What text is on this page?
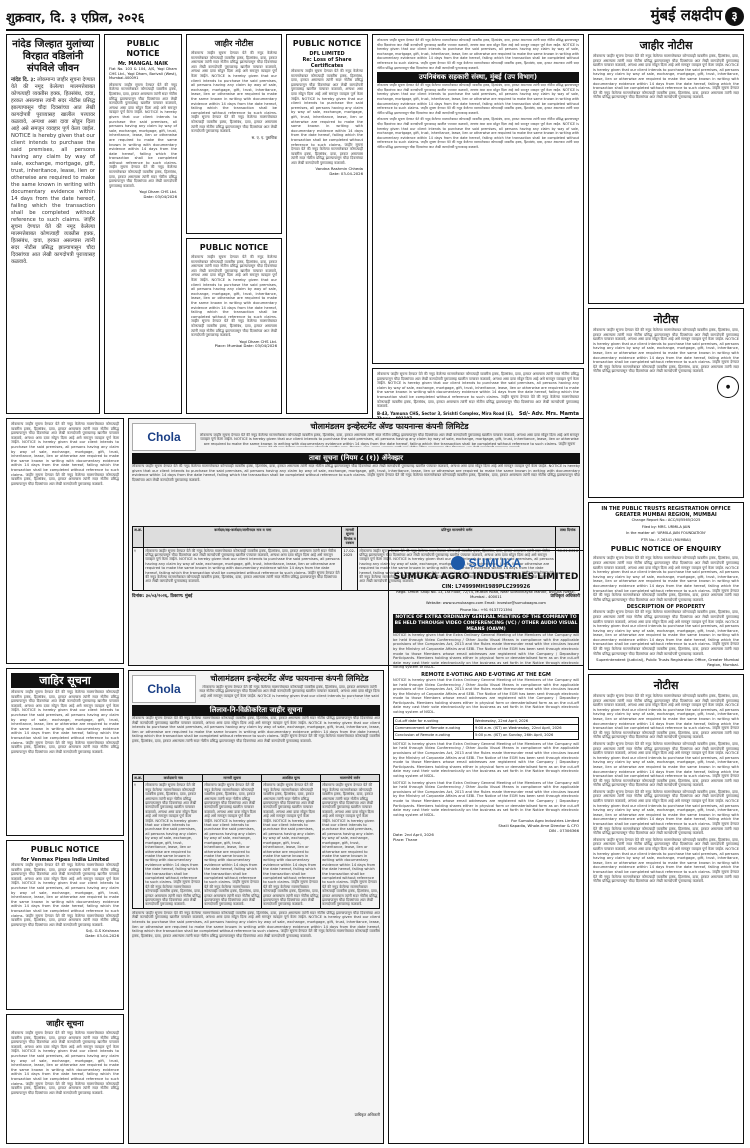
शुक्रवार, दि. ३ एप्रिल, २०२६	मुंबई लक्षदीप ३
नांदेड जिल्हात मुलांच्या विरहात वडिलांनी संपविले जीवन
नांदेड दि. ३: लोकमान्य जाहीर सूचना देण्यात येते की नमूद केलेल्या मालमत्तेबाबत कोणत्याही व्यक्तीस हक्क, हितसंबंध, दावा, हरकत असल्यास त्यांनी सदर नोटीस प्रसिद्ध झाल्यापासून चौदा दिवसांच्या आत लेखी कागदोपत्री पुराव्यासह खालील पत्त्यावर कळवावे, अन्यथा असा दावा सोडून दिला आहे असे समजून व्यवहार पूर्ण केला जाईल. NOTICE is hereby given that our client intends to purchase the said premises, all persons having any claim by way of sale, exchange, mortgage, gift, trust, inheritance, lease, lien or otherwise are required to make the same known in writing with documentary evidence within 14 days from the date hereof, failing which the transaction shall be completed without reference to such claims. जाहीर सूचना देण्यात येते की नमूद केलेल्या मालमत्तेबाबत कोणत्याही व्यक्तीस हक्क, हितसंबंध, दावा, हरकत असल्यास त्यांनी सदर नोटीस प्रसिद्ध झाल्यापासून चौदा दिवसांच्या आत लेखी कागदोपत्री पुराव्यासह कळवावे.
लोकमान्य जाहीर सूचना देण्यात येते की नमूद केलेल्या मालमत्तेबाबत कोणत्याही व्यक्तीस हक्क, हितसंबंध, दावा, हरकत असल्यास त्यांनी सदर नोटीस प्रसिद्ध झाल्यापासून चौदा दिवसांच्या आत लेखी कागदोपत्री पुराव्यासह खालील पत्त्यावर कळवावे, अन्यथा असा दावा सोडून दिला आहे असे समजून व्यवहार पूर्ण केला जाईल. NOTICE is hereby given that our client intends to purchase the said premises, all persons having any claim by way of sale, exchange, mortgage, gift, trust, inheritance, lease, lien or otherwise are required to make the same known in writing with documentary evidence within 14 days from the date hereof, failing which the transaction shall be completed without reference to such claims. जाहीर सूचना देण्यात येते की नमूद केलेल्या मालमत्तेबाबत कोणत्याही व्यक्तीस हक्क, हितसंबंध, दावा, हरकत असल्यास त्यांनी सदर नोटीस प्रसिद्ध झाल्यापासून चौदा दिवसांच्या आत लेखी कागदोपत्री पुराव्यासह कळवावे.
जाहिर सूचना
लोकमान्य जाहीर सूचना देण्यात येते की नमूद केलेल्या मालमत्तेबाबत कोणत्याही व्यक्तीस हक्क, हितसंबंध, दावा, हरकत असल्यास त्यांनी सदर नोटीस प्रसिद्ध झाल्यापासून चौदा दिवसांच्या आत लेखी कागदोपत्री पुराव्यासह खालील पत्त्यावर कळवावे, अन्यथा असा दावा सोडून दिला आहे असे समजून व्यवहार पूर्ण केला जाईल. NOTICE is hereby given that our client intends to purchase the said premises, all persons having any claim by way of sale, exchange, mortgage, gift, trust, inheritance, lease, lien or otherwise are required to make the same known in writing with documentary evidence within 14 days from the date hereof, failing which the transaction shall be completed without reference to such claims. जाहीर सूचना देण्यात येते की नमूद केलेल्या मालमत्तेबाबत कोणत्याही व्यक्तीस हक्क, हितसंबंध, दावा, हरकत असल्यास त्यांनी सदर नोटीस प्रसिद्ध झाल्यापासून चौदा दिवसांच्या आत लेखी कागदोपत्री पुराव्यासह कळवावे.
PUBLIC NOTICE
for Venmax Pipes India Limited
लोकमान्य जाहीर सूचना देण्यात येते की नमूद केलेल्या मालमत्तेबाबत कोणत्याही व्यक्तीस हक्क, हितसंबंध, दावा, हरकत असल्यास त्यांनी सदर नोटीस प्रसिद्ध झाल्यापासून चौदा दिवसांच्या आत लेखी कागदोपत्री पुराव्यासह खालील पत्त्यावर कळवावे, अन्यथा असा दावा सोडून दिला आहे असे समजून व्यवहार पूर्ण केला जाईल. NOTICE is hereby given that our client intends to purchase the said premises, all persons having any claim by way of sale, exchange, mortgage, gift, trust, inheritance, lease, lien or otherwise are required to make the same known in writing with documentary evidence within 14 days from the date hereof, failing which the transaction shall be completed without reference to such claims. जाहीर सूचना देण्यात येते की नमूद केलेल्या मालमत्तेबाबत कोणत्याही व्यक्तीस हक्क, हितसंबंध, दावा, हरकत असल्यास त्यांनी सदर नोटीस प्रसिद्ध झाल्यापासून चौदा दिवसांच्या आत लेखी कागदोपत्री पुराव्यासह कळवावे.
Sd/- G.S Krishnan
Date: 03-04-2026
जाहीर सूचना
लोकमान्य जाहीर सूचना देण्यात येते की नमूद केलेल्या मालमत्तेबाबत कोणत्याही व्यक्तीस हक्क, हितसंबंध, दावा, हरकत असल्यास त्यांनी सदर नोटीस प्रसिद्ध झाल्यापासून चौदा दिवसांच्या आत लेखी कागदोपत्री पुराव्यासह खालील पत्त्यावर कळवावे, अन्यथा असा दावा सोडून दिला आहे असे समजून व्यवहार पूर्ण केला जाईल. NOTICE is hereby given that our client intends to purchase the said premises, all persons having any claim by way of sale, exchange, mortgage, gift, trust, inheritance, lease, lien or otherwise are required to make the same known in writing with documentary evidence within 14 days from the date hereof, failing which the transaction shall be completed without reference to such claims. जाहीर सूचना देण्यात येते की नमूद केलेल्या मालमत्तेबाबत कोणत्याही व्यक्तीस हक्क, हितसंबंध, दावा, हरकत असल्यास त्यांनी सदर नोटीस प्रसिद्ध झाल्यापासून चौदा दिवसांच्या आत लेखी कागदोपत्री पुराव्यासह कळवावे.
PUBLIC NOTICE
Mr. MANGAL NAIK
Flat No. 103 & 104, A/S, Yogi Dham CHS Ltd., Yogi Dham, Borivali (West), Mumbai-400091
लोकमान्य जाहीर सूचना देण्यात येते की नमूद केलेल्या मालमत्तेबाबत कोणत्याही व्यक्तीस हक्क, हितसंबंध, दावा, हरकत असल्यास त्यांनी सदर नोटीस प्रसिद्ध झाल्यापासून चौदा दिवसांच्या आत लेखी कागदोपत्री पुराव्यासह खालील पत्त्यावर कळवावे, अन्यथा असा दावा सोडून दिला आहे असे समजून व्यवहार पूर्ण केला जाईल. NOTICE is hereby given that our client intends to purchase the said premises, all persons having any claim by way of sale, exchange, mortgage, gift, trust, inheritance, lease, lien or otherwise are required to make the same known in writing with documentary evidence within 14 days from the date hereof, failing which the transaction shall be completed without reference to such claims. जाहीर सूचना देण्यात येते की नमूद केलेल्या मालमत्तेबाबत कोणत्याही व्यक्तीस हक्क, हितसंबंध, दावा, हरकत असल्यास त्यांनी सदर नोटीस प्रसिद्ध झाल्यापासून चौदा दिवसांच्या आत लेखी कागदोपत्री पुराव्यासह कळवावे.
Yogi Dham CHS Ltd.
Date: 03/04/2026
जाहीर नोटीस
लोकमान्य जाहीर सूचना देण्यात येते की नमूद केलेल्या मालमत्तेबाबत कोणत्याही व्यक्तीस हक्क, हितसंबंध, दावा, हरकत असल्यास त्यांनी सदर नोटीस प्रसिद्ध झाल्यापासून चौदा दिवसांच्या आत लेखी कागदोपत्री पुराव्यासह खालील पत्त्यावर कळवावे, अन्यथा असा दावा सोडून दिला आहे असे समजून व्यवहार पूर्ण केला जाईल. NOTICE is hereby given that our client intends to purchase the said premises, all persons having any claim by way of sale, exchange, mortgage, gift, trust, inheritance, lease, lien or otherwise are required to make the same known in writing with documentary evidence within 14 days from the date hereof, failing which the transaction shall be completed without reference to such claims. जाहीर सूचना देण्यात येते की नमूद केलेल्या मालमत्तेबाबत कोणत्याही व्यक्तीस हक्क, हितसंबंध, दावा, हरकत असल्यास त्यांनी सदर नोटीस प्रसिद्ध झाल्यापासून चौदा दिवसांच्या आत लेखी कागदोपत्री पुराव्यासह कळवावे.
स. ए. ए. पुराणिक
PUBLIC NOTICE
लोकमान्य जाहीर सूचना देण्यात येते की नमूद केलेल्या मालमत्तेबाबत कोणत्याही व्यक्तीस हक्क, हितसंबंध, दावा, हरकत असल्यास त्यांनी सदर नोटीस प्रसिद्ध झाल्यापासून चौदा दिवसांच्या आत लेखी कागदोपत्री पुराव्यासह खालील पत्त्यावर कळवावे, अन्यथा असा दावा सोडून दिला आहे असे समजून व्यवहार पूर्ण केला जाईल. NOTICE is hereby given that our client intends to purchase the said premises, all persons having any claim by way of sale, exchange, mortgage, gift, trust, inheritance, lease, lien or otherwise are required to make the same known in writing with documentary evidence within 14 days from the date hereof, failing which the transaction shall be completed without reference to such claims. जाहीर सूचना देण्यात येते की नमूद केलेल्या मालमत्तेबाबत कोणत्याही व्यक्तीस हक्क, हितसंबंध, दावा, हरकत असल्यास त्यांनी सदर नोटीस प्रसिद्ध झाल्यापासून चौदा दिवसांच्या आत लेखी कागदोपत्री पुराव्यासह कळवावे.
Yogi Dham CHS Ltd.
Place: Mumbai Date: 03/04/2026
PUBLIC NOTICE
DFL LIMITED
Re: Loss of Share Certificates
लोकमान्य जाहीर सूचना देण्यात येते की नमूद केलेल्या मालमत्तेबाबत कोणत्याही व्यक्तीस हक्क, हितसंबंध, दावा, हरकत असल्यास त्यांनी सदर नोटीस प्रसिद्ध झाल्यापासून चौदा दिवसांच्या आत लेखी कागदोपत्री पुराव्यासह खालील पत्त्यावर कळवावे, अन्यथा असा दावा सोडून दिला आहे असे समजून व्यवहार पूर्ण केला जाईल. NOTICE is hereby given that our client intends to purchase the said premises, all persons having any claim by way of sale, exchange, mortgage, gift, trust, inheritance, lease, lien or otherwise are required to make the same known in writing with documentary evidence within 14 days from the date hereof, failing which the transaction shall be completed without reference to such claims. जाहीर सूचना देण्यात येते की नमूद केलेल्या मालमत्तेबाबत कोणत्याही व्यक्तीस हक्क, हितसंबंध, दावा, हरकत असल्यास त्यांनी सदर नोटीस प्रसिद्ध झाल्यापासून चौदा दिवसांच्या आत लेखी कागदोपत्री पुराव्यासह कळवावे.
Vandna Rashmin Chheda
Date: 03-04-2026
लोकमान्य जाहीर सूचना देण्यात येते की नमूद केलेल्या मालमत्तेबाबत कोणत्याही व्यक्तीस हक्क, हितसंबंध, दावा, हरकत असल्यास त्यांनी सदर नोटीस प्रसिद्ध झाल्यापासून चौदा दिवसांच्या आत लेखी कागदोपत्री पुराव्यासह खालील पत्त्यावर कळवावे, अन्यथा असा दावा सोडून दिला आहे असे समजून व्यवहार पूर्ण केला जाईल. NOTICE is hereby given that our client intends to purchase the said premises, all persons having any claim by way of sale, exchange, mortgage, gift, trust, inheritance, lease, lien or otherwise are required to make the same known in writing with documentary evidence within 14 days from the date hereof, failing which the transaction shall be completed without reference to such claims. जाहीर सूचना देण्यात येते की नमूद केलेल्या मालमत्तेबाबत कोणत्याही व्यक्तीस हक्क, हितसंबंध, दावा, हरकत असल्यास त्यांनी सदर नोटीस प्रसिद्ध झाल्यापासून चौदा दिवसांच्या आत लेखी कागदोपत्री पुराव्यासह कळवावे.
उपनिबंधक सहकारी संस्था, मुंबई (उप विभाग)
लोकमान्य जाहीर सूचना देण्यात येते की नमूद केलेल्या मालमत्तेबाबत कोणत्याही व्यक्तीस हक्क, हितसंबंध, दावा, हरकत असल्यास त्यांनी सदर नोटीस प्रसिद्ध झाल्यापासून चौदा दिवसांच्या आत लेखी कागदोपत्री पुराव्यासह खालील पत्त्यावर कळवावे, अन्यथा असा दावा सोडून दिला आहे असे समजून व्यवहार पूर्ण केला जाईल. NOTICE is hereby given that our client intends to purchase the said premises, all persons having any claim by way of sale, exchange, mortgage, gift, trust, inheritance, lease, lien or otherwise are required to make the same known in writing with documentary evidence within 14 days from the date hereof, failing which the transaction shall be completed without reference to such claims. जाहीर सूचना देण्यात येते की नमूद केलेल्या मालमत्तेबाबत कोणत्याही व्यक्तीस हक्क, हितसंबंध, दावा, हरकत असल्यास त्यांनी सदर नोटीस प्रसिद्ध झाल्यापासून चौदा दिवसांच्या आत लेखी कागदोपत्री पुराव्यासह कळवावे.
लोकमान्य जाहीर सूचना देण्यात येते की नमूद केलेल्या मालमत्तेबाबत कोणत्याही व्यक्तीस हक्क, हितसंबंध, दावा, हरकत असल्यास त्यांनी सदर नोटीस प्रसिद्ध झाल्यापासून चौदा दिवसांच्या आत लेखी कागदोपत्री पुराव्यासह खालील पत्त्यावर कळवावे, अन्यथा असा दावा सोडून दिला आहे असे समजून व्यवहार पूर्ण केला जाईल. NOTICE is hereby given that our client intends to purchase the said premises, all persons having any claim by way of sale, exchange, mortgage, gift, trust, inheritance, lease, lien or otherwise are required to make the same known in writing with documentary evidence within 14 days from the date hereof, failing which the transaction shall be completed without reference to such claims. जाहीर सूचना देण्यात येते की नमूद केलेल्या मालमत्तेबाबत कोणत्याही व्यक्तीस हक्क, हितसंबंध, दावा, हरकत असल्यास त्यांनी सदर नोटीस प्रसिद्ध झाल्यापासून चौदा दिवसांच्या आत लेखी कागदोपत्री पुराव्यासह कळवावे.
लोकमान्य जाहीर सूचना देण्यात येते की नमूद केलेल्या मालमत्तेबाबत कोणत्याही व्यक्तीस हक्क, हितसंबंध, दावा, हरकत असल्यास त्यांनी सदर नोटीस प्रसिद्ध झाल्यापासून चौदा दिवसांच्या आत लेखी कागदोपत्री पुराव्यासह खालील पत्त्यावर कळवावे, अन्यथा असा दावा सोडून दिला आहे असे समजून व्यवहार पूर्ण केला जाईल. NOTICE is hereby given that our client intends to purchase the said premises, all persons having any claim by way of sale, exchange, mortgage, gift, trust, inheritance, lease, lien or otherwise are required to make the same known in writing with documentary evidence within 14 days from the date hereof, failing which the transaction shall be completed without reference to such claims. जाहीर सूचना देण्यात येते की नमूद केलेल्या मालमत्तेबाबत कोणत्याही व्यक्तीस हक्क, हितसंबंध, दावा, हरकत असल्यास त्यांनी सदर नोटीस प्रसिद्ध झाल्यापासून चौदा दिवसांच्या आत लेखी कागदोपत्री पुराव्यासह कळवावे.
B-43, Yamuna CHS, Sector 3, Srishti Complex, Mira Road (E),	Sd/- Adv. Mrs. Mamta
लोकमान्य जाहीर सूचना देण्यात येते की नमूद केलेल्या मालमत्तेबाबत कोणत्याही व्यक्तीस हक्क, हितसंबंध, दावा, हरकत असल्यास त्यांनी सदर नोटीस प्रसिद्ध झाल्यापासून चौदा दिवसांच्या आत लेखी कागदोपत्री पुराव्यासह खालील पत्त्यावर कळवावे, अन्यथा असा दावा सोडून दिला आहे असे समजून व्यवहार पूर्ण केला जाईल. NOTICE is hereby given that our client intends to purchase the said premises, all persons having any claim by way of sale, exchange, mortgage, gift, trust, inheritance, lease, lien or otherwise are required to make the same known in writing with documentary evidence within 14 days from the date hereof, failing which the transaction shall be completed without reference to such claims. जाहीर सूचना देण्यात येते की नमूद केलेल्या मालमत्तेबाबत कोणत्याही व्यक्तीस हक्क, हितसंबंध, दावा, हरकत असल्यास त्यांनी सदर नोटीस प्रसिद्ध झाल्यापासून चौदा दिवसांच्या आत लेखी कागदोपत्री पुराव्यासह कळवावे.
जाहीर नोटीस
लोकमान्य जाहीर सूचना देण्यात येते की नमूद केलेल्या मालमत्तेबाबत कोणत्याही व्यक्तीस हक्क, हितसंबंध, दावा, हरकत असल्यास त्यांनी सदर नोटीस प्रसिद्ध झाल्यापासून चौदा दिवसांच्या आत लेखी कागदोपत्री पुराव्यासह खालील पत्त्यावर कळवावे, अन्यथा असा दावा सोडून दिला आहे असे समजून व्यवहार पूर्ण केला जाईल. NOTICE is hereby given that our client intends to purchase the said premises, all persons having any claim by way of sale, exchange, mortgage, gift, trust, inheritance, lease, lien or otherwise are required to make the same known in writing with documentary evidence within 14 days from the date hereof, failing which the transaction shall be completed without reference to such claims. जाहीर सूचना देण्यात येते की नमूद केलेल्या मालमत्तेबाबत कोणत्याही व्यक्तीस हक्क, हितसंबंध, दावा, हरकत असल्यास त्यांनी सदर नोटीस प्रसिद्ध झाल्यापासून चौदा दिवसांच्या आत लेखी कागदोपत्री पुराव्यासह कळवावे.
नोटीस
लोकमान्य जाहीर सूचना देण्यात येते की नमूद केलेल्या मालमत्तेबाबत कोणत्याही व्यक्तीस हक्क, हितसंबंध, दावा, हरकत असल्यास त्यांनी सदर नोटीस प्रसिद्ध झाल्यापासून चौदा दिवसांच्या आत लेखी कागदोपत्री पुराव्यासह खालील पत्त्यावर कळवावे, अन्यथा असा दावा सोडून दिला आहे असे समजून व्यवहार पूर्ण केला जाईल. NOTICE is hereby given that our client intends to purchase the said premises, all persons having any claim by way of sale, exchange, mortgage, gift, trust, inheritance, lease, lien or otherwise are required to make the same known in writing with documentary evidence within 14 days from the date hereof, failing which the transaction shall be completed without reference to such claims. जाहीर सूचना देण्यात येते की नमूद केलेल्या मालमत्तेबाबत कोणत्याही व्यक्तीस हक्क, हितसंबंध, दावा, हरकत असल्यास त्यांनी सदर नोटीस प्रसिद्ध झाल्यापासून चौदा दिवसांच्या आत लेखी कागदोपत्री पुराव्यासह कळवावे.
●
IN THE PUBLIC TRUSTS REGISTRATION OFFICE
GREATER MUMBAI REGION, MUMBAI
Change Report No.: ACC/III/5565/2025
Filed by: MRS. URMILA JAIN
In the matter of: 'URMILA JAIN FOUNDATION'
PTR No.: F-26341 (MUMBAI)
PUBLIC NOTICE OF ENQUIRY
लोकमान्य जाहीर सूचना देण्यात येते की नमूद केलेल्या मालमत्तेबाबत कोणत्याही व्यक्तीस हक्क, हितसंबंध, दावा, हरकत असल्यास त्यांनी सदर नोटीस प्रसिद्ध झाल्यापासून चौदा दिवसांच्या आत लेखी कागदोपत्री पुराव्यासह खालील पत्त्यावर कळवावे, अन्यथा असा दावा सोडून दिला आहे असे समजून व्यवहार पूर्ण केला जाईल. NOTICE is hereby given that our client intends to purchase the said premises, all persons having any claim by way of sale, exchange, mortgage, gift, trust, inheritance, lease, lien or otherwise are required to make the same known in writing with documentary evidence within 14 days from the date hereof, failing which the transaction shall be completed without reference to such claims. जाहीर सूचना देण्यात येते की नमूद केलेल्या मालमत्तेबाबत कोणत्याही व्यक्तीस हक्क, हितसंबंध, दावा, हरकत असल्यास त्यांनी सदर नोटीस प्रसिद्ध झाल्यापासून चौदा दिवसांच्या आत लेखी कागदोपत्री पुराव्यासह कळवावे.
DESCRIPTION OF PROPERTY
लोकमान्य जाहीर सूचना देण्यात येते की नमूद केलेल्या मालमत्तेबाबत कोणत्याही व्यक्तीस हक्क, हितसंबंध, दावा, हरकत असल्यास त्यांनी सदर नोटीस प्रसिद्ध झाल्यापासून चौदा दिवसांच्या आत लेखी कागदोपत्री पुराव्यासह खालील पत्त्यावर कळवावे, अन्यथा असा दावा सोडून दिला आहे असे समजून व्यवहार पूर्ण केला जाईल. NOTICE is hereby given that our client intends to purchase the said premises, all persons having any claim by way of sale, exchange, mortgage, gift, trust, inheritance, lease, lien or otherwise are required to make the same known in writing with documentary evidence within 14 days from the date hereof, failing which the transaction shall be completed without reference to such claims. जाहीर सूचना देण्यात येते की नमूद केलेल्या मालमत्तेबाबत कोणत्याही व्यक्तीस हक्क, हितसंबंध, दावा, हरकत असल्यास त्यांनी सदर नोटीस प्रसिद्ध झाल्यापासून चौदा दिवसांच्या आत लेखी कागदोपत्री पुराव्यासह कळवावे.
Superintendent (Judicial), Public Trusts Registration Office, Greater Mumbai Region, Mumbai.
नोटीस
लोकमान्य जाहीर सूचना देण्यात येते की नमूद केलेल्या मालमत्तेबाबत कोणत्याही व्यक्तीस हक्क, हितसंबंध, दावा, हरकत असल्यास त्यांनी सदर नोटीस प्रसिद्ध झाल्यापासून चौदा दिवसांच्या आत लेखी कागदोपत्री पुराव्यासह खालील पत्त्यावर कळवावे, अन्यथा असा दावा सोडून दिला आहे असे समजून व्यवहार पूर्ण केला जाईल. NOTICE is hereby given that our client intends to purchase the said premises, all persons having any claim by way of sale, exchange, mortgage, gift, trust, inheritance, lease, lien or otherwise are required to make the same known in writing with documentary evidence within 14 days from the date hereof, failing which the transaction shall be completed without reference to such claims. जाहीर सूचना देण्यात येते की नमूद केलेल्या मालमत्तेबाबत कोणत्याही व्यक्तीस हक्क, हितसंबंध, दावा, हरकत असल्यास त्यांनी सदर नोटीस प्रसिद्ध झाल्यापासून चौदा दिवसांच्या आत लेखी कागदोपत्री पुराव्यासह कळवावे.
लोकमान्य जाहीर सूचना देण्यात येते की नमूद केलेल्या मालमत्तेबाबत कोणत्याही व्यक्तीस हक्क, हितसंबंध, दावा, हरकत असल्यास त्यांनी सदर नोटीस प्रसिद्ध झाल्यापासून चौदा दिवसांच्या आत लेखी कागदोपत्री पुराव्यासह खालील पत्त्यावर कळवावे, अन्यथा असा दावा सोडून दिला आहे असे समजून व्यवहार पूर्ण केला जाईल. NOTICE is hereby given that our client intends to purchase the said premises, all persons having any claim by way of sale, exchange, mortgage, gift, trust, inheritance, lease, lien or otherwise are required to make the same known in writing with documentary evidence within 14 days from the date hereof, failing which the transaction shall be completed without reference to such claims. जाहीर सूचना देण्यात येते की नमूद केलेल्या मालमत्तेबाबत कोणत्याही व्यक्तीस हक्क, हितसंबंध, दावा, हरकत असल्यास त्यांनी सदर नोटीस प्रसिद्ध झाल्यापासून चौदा दिवसांच्या आत लेखी कागदोपत्री पुराव्यासह कळवावे.
लोकमान्य जाहीर सूचना देण्यात येते की नमूद केलेल्या मालमत्तेबाबत कोणत्याही व्यक्तीस हक्क, हितसंबंध, दावा, हरकत असल्यास त्यांनी सदर नोटीस प्रसिद्ध झाल्यापासून चौदा दिवसांच्या आत लेखी कागदोपत्री पुराव्यासह खालील पत्त्यावर कळवावे, अन्यथा असा दावा सोडून दिला आहे असे समजून व्यवहार पूर्ण केला जाईल. NOTICE is hereby given that our client intends to purchase the said premises, all persons having any claim by way of sale, exchange, mortgage, gift, trust, inheritance, lease, lien or otherwise are required to make the same known in writing with documentary evidence within 14 days from the date hereof, failing which the transaction shall be completed without reference to such claims. जाहीर सूचना देण्यात येते की नमूद केलेल्या मालमत्तेबाबत कोणत्याही व्यक्तीस हक्क, हितसंबंध, दावा, हरकत असल्यास त्यांनी सदर नोटीस प्रसिद्ध झाल्यापासून चौदा दिवसांच्या आत लेखी कागदोपत्री पुराव्यासह कळवावे.
लोकमान्य जाहीर सूचना देण्यात येते की नमूद केलेल्या मालमत्तेबाबत कोणत्याही व्यक्तीस हक्क, हितसंबंध, दावा, हरकत असल्यास त्यांनी सदर नोटीस प्रसिद्ध झाल्यापासून चौदा दिवसांच्या आत लेखी कागदोपत्री पुराव्यासह खालील पत्त्यावर कळवावे, अन्यथा असा दावा सोडून दिला आहे असे समजून व्यवहार पूर्ण केला जाईल. NOTICE is hereby given that our client intends to purchase the said premises, all persons having any claim by way of sale, exchange, mortgage, gift, trust, inheritance, lease, lien or otherwise are required to make the same known in writing with documentary evidence within 14 days from the date hereof, failing which the transaction shall be completed without reference to such claims. जाहीर सूचना देण्यात येते की नमूद केलेल्या मालमत्तेबाबत कोणत्याही व्यक्तीस हक्क, हितसंबंध, दावा, हरकत असल्यास त्यांनी सदर नोटीस प्रसिद्ध झाल्यापासून चौदा दिवसांच्या आत लेखी कागदोपत्री पुराव्यासह कळवावे.
Chola
चोलामंडलम इन्व्हेस्टमेंट ॲण्ड फायनान्स कंपनी लिमिटेड
लोकमान्य जाहीर सूचना देण्यात येते की नमूद केलेल्या मालमत्तेबाबत कोणत्याही व्यक्तीस हक्क, हितसंबंध, दावा, हरकत असल्यास त्यांनी सदर नोटीस प्रसिद्ध झाल्यापासून चौदा दिवसांच्या आत लेखी कागदोपत्री पुराव्यासह खालील पत्त्यावर कळवावे, अन्यथा असा दावा सोडून दिला आहे असे समजून व्यवहार पूर्ण केला जाईल. NOTICE is hereby given that our client intends to purchase the said premises, all persons having any claim by way of sale, exchange, mortgage, gift, trust, inheritance, lease, lien or otherwise are required to make the same known in writing with documentary evidence within 14 days from the date hereof, failing which the transaction shall be completed without reference to such claims. जाहीर सूचना देण्यात येते की नमूद केलेल्या मालमत्तेबाबत कोणत्याही व्यक्तीस हक्क, हितसंबंध, दावा, हरकत असल्यास त्यांनी सदर नोटीस प्रसिद्ध झाल्यापासून चौदा दिवसांच्या आत लेखी कागदोपत्री पुराव्यासह कळवावे.
ताबा सूचना (नियम ८ (१)) ॲनेक्झर
लोकमान्य जाहीर सूचना देण्यात येते की नमूद केलेल्या मालमत्तेबाबत कोणत्याही व्यक्तीस हक्क, हितसंबंध, दावा, हरकत असल्यास त्यांनी सदर नोटीस प्रसिद्ध झाल्यापासून चौदा दिवसांच्या आत लेखी कागदोपत्री पुराव्यासह खालील पत्त्यावर कळवावे, अन्यथा असा दावा सोडून दिला आहे असे समजून व्यवहार पूर्ण केला जाईल. NOTICE is hereby given that our client intends to purchase the said premises, all persons having any claim by way of sale, exchange, mortgage, gift, trust, inheritance, lease, lien or otherwise are required to make the same known in writing with documentary evidence within 14 days from the date hereof, failing which the transaction shall be completed without reference to such claims. जाहीर सूचना देण्यात येते की नमूद केलेल्या मालमत्तेबाबत कोणत्याही व्यक्तीस हक्क, हितसंबंध, दावा, हरकत असल्यास त्यांनी सदर नोटीस प्रसिद्ध झाल्यापासून चौदा दिवसांच्या आत लेखी कागदोपत्री पुराव्यासह कळवावे.
अ.क्र.	कर्जदार/सह-कर्जदार/जामीनदार नाव व पत्ता	मागणी सूचना दिनांक व रक्कम	प्रतिभूत मालमत्तेचे वर्णन	ताबा दिनांक
१	लोकमान्य जाहीर सूचना देण्यात येते की नमूद केलेल्या मालमत्तेबाबत कोणत्याही व्यक्तीस हक्क, हितसंबंध, दावा, हरकत असल्यास त्यांनी सदर नोटीस प्रसिद्ध झाल्यापासून चौदा दिवसांच्या आत लेखी कागदोपत्री पुराव्यासह खालील पत्त्यावर कळवावे, अन्यथा असा दावा सोडून दिला आहे असे समजून व्यवहार पूर्ण केला जाईल. NOTICE is hereby given that our client intends to purchase the said premises, all persons having any claim by way of sale, exchange, mortgage, gift, trust, inheritance, lease, lien or otherwise are required to make the same known in writing with documentary evidence within 14 days from the date hereof, failing which the transaction shall be completed without reference to such claims. जाहीर सूचना देण्यात येते की नमूद केलेल्या मालमत्तेबाबत कोणत्याही व्यक्तीस हक्क, हितसंबंध, दावा, हरकत असल्यास त्यांनी सदर नोटीस प्रसिद्ध झाल्यापासून चौदा दिवसांच्या आत लेखी कागदोपत्री पुराव्यासह कळवावे.	17-02-2025	लोकमान्य जाहीर सूचना देण्यात येते की नमूद केलेल्या मालमत्तेबाबत कोणत्याही व्यक्तीस हक्क, हितसंबंध, दावा, हरकत असल्यास त्यांनी सदर नोटीस प्रसिद्ध झाल्यापासून चौदा दिवसांच्या आत लेखी कागदोपत्री पुराव्यासह खालील पत्त्यावर कळवावे, अन्यथा असा दावा सोडून दिला आहे असे समजून व्यवहार पूर्ण केला जाईल. NOTICE is hereby given that our client intends to purchase the said premises, all persons having any claim by way of sale, exchange, mortgage, gift, trust, inheritance, lease, lien or otherwise are required to make the same known in writing with documentary evidence within 14 days from the date hereof, failing which the transaction shall be completed without reference to such claims. जाहीर सूचना देण्यात येते की नमूद केलेल्या मालमत्तेबाबत कोणत्याही व्यक्तीस हक्क, हितसंबंध, दावा, हरकत असल्यास त्यांनी सदर नोटीस प्रसिद्ध झाल्यापासून चौदा दिवसांच्या आत लेखी कागदोपत्री पुराव्यासह कळवावे.	30.01.2026
दिनांक: ३०/०३/२०२६, ठिकाण: मुंबई	प्राधिकृत अधिकारी
Chola
चोलामंडलम इन्व्हेस्टमेंट ॲण्ड फायनान्स कंपनी लिमिटेड
लोकमान्य जाहीर सूचना देण्यात येते की नमूद केलेल्या मालमत्तेबाबत कोणत्याही व्यक्तीस हक्क, हितसंबंध, दावा, हरकत असल्यास त्यांनी सदर नोटीस प्रसिद्ध झाल्यापासून चौदा दिवसांच्या आत लेखी कागदोपत्री पुराव्यासह खालील पत्त्यावर कळवावे, अन्यथा असा दावा सोडून दिला आहे असे समजून व्यवहार पूर्ण केला जाईल. NOTICE is hereby given that our client intends to purchase the said premises, all persons having any claim by way of sale, exchange, mortgage, gift, trust, inheritance, lease, lien or otherwise are required to make the same known in writing with documentary evidence within 14 days from the date hereof, failing which the transaction shall be completed without reference to such claims. जाहीर सूचना देण्यात येते की नमूद केलेल्या मालमत्तेबाबत कोणत्याही व्यक्तीस हक्क, हितसंबंध, दावा, हरकत असल्यास त्यांनी सदर नोटीस प्रसिद्ध झाल्यापासून चौदा दिवसांच्या आत लेखी कागदोपत्री पुराव्यासह कळवावे.
लिलाव-नि-विक्रीकरिता जाहीर सूचना
लोकमान्य जाहीर सूचना देण्यात येते की नमूद केलेल्या मालमत्तेबाबत कोणत्याही व्यक्तीस हक्क, हितसंबंध, दावा, हरकत असल्यास त्यांनी सदर नोटीस प्रसिद्ध झाल्यापासून चौदा दिवसांच्या आत लेखी कागदोपत्री पुराव्यासह खालील पत्त्यावर कळवावे, अन्यथा असा दावा सोडून दिला आहे असे समजून व्यवहार पूर्ण केला जाईल. NOTICE is hereby given that our client intends to purchase the said premises, all persons having any claim by way of sale, exchange, mortgage, gift, trust, inheritance, lease, lien or otherwise are required to make the same known in writing with documentary evidence within 14 days from the date hereof, failing which the transaction shall be completed without reference to such claims. जाहीर सूचना देण्यात येते की नमूद केलेल्या मालमत्तेबाबत कोणत्याही व्यक्तीस हक्क, हितसंबंध, दावा, हरकत असल्यास त्यांनी सदर नोटीस प्रसिद्ध झाल्यापासून चौदा दिवसांच्या आत लेखी कागदोपत्री पुराव्यासह कळवावे.
अ.क्र.	कर्जदाराचे नाव	मागणी सूचना	आरक्षित मूल्य	मालमत्तेचे वर्णन
१	लोकमान्य जाहीर सूचना देण्यात येते की नमूद केलेल्या मालमत्तेबाबत कोणत्याही व्यक्तीस हक्क, हितसंबंध, दावा, हरकत असल्यास त्यांनी सदर नोटीस प्रसिद्ध झाल्यापासून चौदा दिवसांच्या आत लेखी कागदोपत्री पुराव्यासह खालील पत्त्यावर कळवावे, अन्यथा असा दावा सोडून दिला आहे असे समजून व्यवहार पूर्ण केला जाईल. NOTICE is hereby given that our client intends to purchase the said premises, all persons having any claim by way of sale, exchange, mortgage, gift, trust, inheritance, lease, lien or otherwise are required to make the same known in writing with documentary evidence within 14 days from the date hereof, failing which the transaction shall be completed without reference to such claims. जाहीर सूचना देण्यात येते की नमूद केलेल्या मालमत्तेबाबत कोणत्याही व्यक्तीस हक्क, हितसंबंध, दावा, हरकत असल्यास त्यांनी सदर नोटीस प्रसिद्ध झाल्यापासून चौदा दिवसांच्या आत लेखी कागदोपत्री पुराव्यासह कळवावे.	लोकमान्य जाहीर सूचना देण्यात येते की नमूद केलेल्या मालमत्तेबाबत कोणत्याही व्यक्तीस हक्क, हितसंबंध, दावा, हरकत असल्यास त्यांनी सदर नोटीस प्रसिद्ध झाल्यापासून चौदा दिवसांच्या आत लेखी कागदोपत्री पुराव्यासह खालील पत्त्यावर कळवावे, अन्यथा असा दावा सोडून दिला आहे असे समजून व्यवहार पूर्ण केला जाईल. NOTICE is hereby given that our client intends to purchase the said premises, all persons having any claim by way of sale, exchange, mortgage, gift, trust, inheritance, lease, lien or otherwise are required to make the same known in writing with documentary evidence within 14 days from the date hereof, failing which the transaction shall be completed without reference to such claims. जाहीर सूचना देण्यात येते की नमूद केलेल्या मालमत्तेबाबत कोणत्याही व्यक्तीस हक्क, हितसंबंध, दावा, हरकत असल्यास त्यांनी सदर नोटीस प्रसिद्ध झाल्यापासून चौदा दिवसांच्या आत लेखी कागदोपत्री पुराव्यासह कळवावे.	लोकमान्य जाहीर सूचना देण्यात येते की नमूद केलेल्या मालमत्तेबाबत कोणत्याही व्यक्तीस हक्क, हितसंबंध, दावा, हरकत असल्यास त्यांनी सदर नोटीस प्रसिद्ध झाल्यापासून चौदा दिवसांच्या आत लेखी कागदोपत्री पुराव्यासह खालील पत्त्यावर कळवावे, अन्यथा असा दावा सोडून दिला आहे असे समजून व्यवहार पूर्ण केला जाईल. NOTICE is hereby given that our client intends to purchase the said premises, all persons having any claim by way of sale, exchange, mortgage, gift, trust, inheritance, lease, lien or otherwise are required to make the same known in writing with documentary evidence within 14 days from the date hereof, failing which the transaction shall be completed without reference to such claims. जाहीर सूचना देण्यात येते की नमूद केलेल्या मालमत्तेबाबत कोणत्याही व्यक्तीस हक्क, हितसंबंध, दावा, हरकत असल्यास त्यांनी सदर नोटीस प्रसिद्ध झाल्यापासून चौदा दिवसांच्या आत लेखी कागदोपत्री पुराव्यासह कळवावे.	लोकमान्य जाहीर सूचना देण्यात येते की नमूद केलेल्या मालमत्तेबाबत कोणत्याही व्यक्तीस हक्क, हितसंबंध, दावा, हरकत असल्यास त्यांनी सदर नोटीस प्रसिद्ध झाल्यापासून चौदा दिवसांच्या आत लेखी कागदोपत्री पुराव्यासह खालील पत्त्यावर कळवावे, अन्यथा असा दावा सोडून दिला आहे असे समजून व्यवहार पूर्ण केला जाईल. NOTICE is hereby given that our client intends to purchase the said premises, all persons having any claim by way of sale, exchange, mortgage, gift, trust, inheritance, lease, lien or otherwise are required to make the same known in writing with documentary evidence within 14 days from the date hereof, failing which the transaction shall be completed without reference to such claims. जाहीर सूचना देण्यात येते की नमूद केलेल्या मालमत्तेबाबत कोणत्याही व्यक्तीस हक्क, हितसंबंध, दावा, हरकत असल्यास त्यांनी सदर नोटीस प्रसिद्ध झाल्यापासून चौदा दिवसांच्या आत लेखी कागदोपत्री पुराव्यासह कळवावे.
लोकमान्य जाहीर सूचना देण्यात येते की नमूद केलेल्या मालमत्तेबाबत कोणत्याही व्यक्तीस हक्क, हितसंबंध, दावा, हरकत असल्यास त्यांनी सदर नोटीस प्रसिद्ध झाल्यापासून चौदा दिवसांच्या आत लेखी कागदोपत्री पुराव्यासह खालील पत्त्यावर कळवावे, अन्यथा असा दावा सोडून दिला आहे असे समजून व्यवहार पूर्ण केला जाईल. NOTICE is hereby given that our client intends to purchase the said premises, all persons having any claim by way of sale, exchange, mortgage, gift, trust, inheritance, lease, lien or otherwise are required to make the same known in writing with documentary evidence within 14 days from the date hereof, failing which the transaction shall be completed without reference to such claims. जाहीर सूचना देण्यात येते की नमूद केलेल्या मालमत्तेबाबत कोणत्याही व्यक्तीस हक्क, हितसंबंध, दावा, हरकत असल्यास त्यांनी सदर नोटीस प्रसिद्ध झाल्यापासून चौदा दिवसांच्या आत लेखी कागदोपत्री पुराव्यासह कळवावे.
प्राधिकृत अधिकारी
SUMUKA
SUMUKA AGRO INDUSTRIES LIMITED
CIN: L74999MH1989PLC299926
Regd. Office: Shop No. 13, 1st Floor, 72/74, Mutton Road, Near Sidhivinayak Mandir, Byculla (West), Mumbai - 400011
Website: www.sumukaagro.com Email: investor@sumukaagro.com
Phone No.: +91 9137721394
NOTICE OF EXTRA ORDINARY GENERAL MEETING OF THE COMPANY TO BE HELD THROUGH VIDEO CONFERENCING (VC) / OTHER AUDIO VISUAL MEANS (OAVM)
NOTICE is hereby given that the Extra Ordinary General Meeting of the Members of the Company will be held through Video Conferencing / Other Audio Visual Means in compliance with the applicable provisions of the Companies Act, 2013 and the Rules made thereunder read with the circulars issued by the Ministry of Corporate Affairs and SEBI. The Notice of the EGM has been sent through electronic mode to those Members whose email addresses are registered with the Company / Depository Participants. Members holding shares either in physical form or dematerialised form as on the cut-off date may cast their vote electronically on the business as set forth in the Notice through electronic voting system of NSDL.
REMOTE E-VOTING AND E-VOTING AT THE EGM
NOTICE is hereby given that the Extra Ordinary General Meeting of the Members of the Company will be held through Video Conferencing / Other Audio Visual Means in compliance with the applicable provisions of the Companies Act, 2013 and the Rules made thereunder read with the circulars issued by the Ministry of Corporate Affairs and SEBI. The Notice of the EGM has been sent through electronic mode to those Members whose email addresses are registered with the Company / Depository Participants. Members holding shares either in physical form or dematerialised form as on the cut-off date may cast their vote electronically on the business as set forth in the Notice through electronic voting system of NSDL.
Cut-off date for e-voting	Wednesday, 22nd April, 2026
Commencement of Remote e-voting	9:00 a.m. (IST) on Wednesday, 22nd April, 2026
Conclusion of Remote e-voting	5:00 p.m. (IST) on Sunday, 26th April, 2026
NOTICE is hereby given that the Extra Ordinary General Meeting of the Members of the Company will be held through Video Conferencing / Other Audio Visual Means in compliance with the applicable provisions of the Companies Act, 2013 and the Rules made thereunder read with the circulars issued by the Ministry of Corporate Affairs and SEBI. The Notice of the EGM has been sent through electronic mode to those Members whose email addresses are registered with the Company / Depository Participants. Members holding shares either in physical form or dematerialised form as on the cut-off date may cast their vote electronically on the business as set forth in the Notice through electronic voting system of NSDL.
NOTICE is hereby given that the Extra Ordinary General Meeting of the Members of the Company will be held through Video Conferencing / Other Audio Visual Means in compliance with the applicable provisions of the Companies Act, 2013 and the Rules made thereunder read with the circulars issued by the Ministry of Corporate Affairs and SEBI. The Notice of the EGM has been sent through electronic mode to those Members whose email addresses are registered with the Company / Depository Participants. Members holding shares either in physical form or dematerialised form as on the cut-off date may cast their vote electronically on the business as set forth in the Notice through electronic voting system of NSDL.
For Sumuka Agro Industries Limited
Shaili Kapadia, Whole-time Director & CFO
DIN - 07306366
Date: 2nd April, 2026
Place: Thane
